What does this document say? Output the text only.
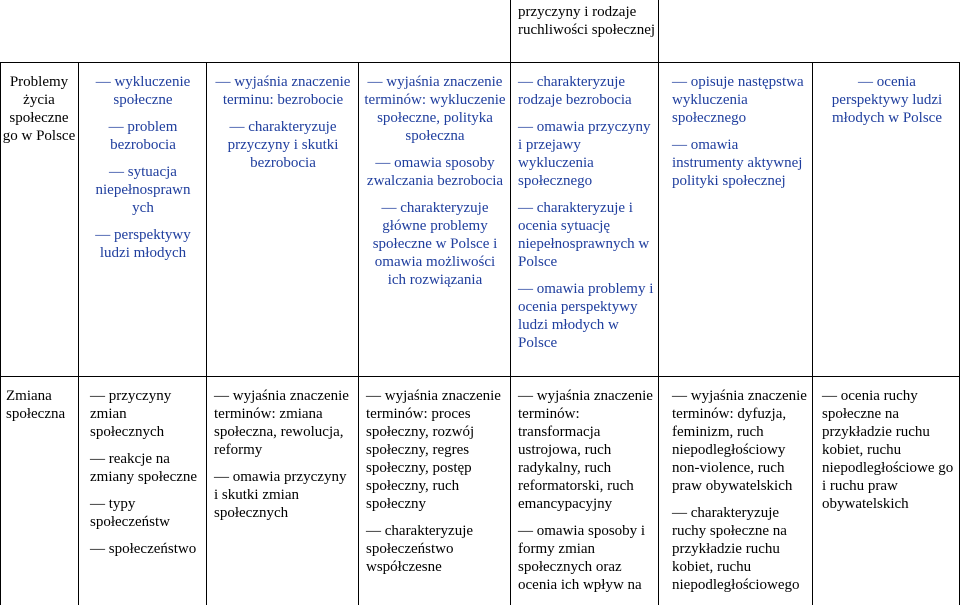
przyczyny i rodzaje ruchliwości społecznej
Problemy życia społeczne go w Polsce

— wykluczenie społeczne

— problem bezrobocia

— sytuacja niepełnosprawn ych

— perspektywy ludzi młodych

— wyjaśnia znaczenie terminu: bezrobocie

— charakteryzuje przyczyny i skutki bezrobocia

— wyjaśnia znaczenie terminów: wykluczenie społeczne, polityka społeczna

— omawia sposoby zwalczania bezrobocia

— charakteryzuje główne problemy społeczne w Polsce i omawia możliwości ich rozwiązania

— charakteryzuje rodzaje bezrobocia

— omawia przyczyny i przejawy wykluczenia społecznego

— charakteryzuje i ocenia sytuację niepełnosprawnych w Polsce

— omawia problemy i ocenia perspektywy ludzi młodych w Polsce

— opisuje następstwa wykluczenia społecznego

— omawia instrumenty aktywnej polityki społecznej

— ocenia perspektywy ludzi młodych w Polsce

Zmiana społeczna

— przyczyny zmian społecznych

— reakcje na zmiany społeczne

— typy społeczeństw

— społeczeństwo

— wyjaśnia znaczenie terminów: zmiana społeczna, rewolucja, reformy

— omawia przyczyny i skutki zmian społecznych

— wyjaśnia znaczenie terminów: proces społeczny, rozwój społeczny, regres społeczny, postęp społeczny, ruch społeczny

— charakteryzuje społeczeństwo współczesne

— wyjaśnia znaczenie terminów: transformacja ustrojowa, ruch radykalny, ruch reformatorski, ruch emancypacyjny

— omawia sposoby i formy zmian społecznych oraz ocenia ich wpływ na

— wyjaśnia znaczenie terminów: dyfuzja, feminizm, ruch niepodległościowy non-violence, ruch praw obywatelskich

— charakteryzuje ruchy społeczne na przykładzie ruchu kobiet, ruchu niepodległościowego

— ocenia ruchy społeczne na przykładzie ruchu kobiet, ruchu niepodległościowe go i ruchu praw obywatelskich
